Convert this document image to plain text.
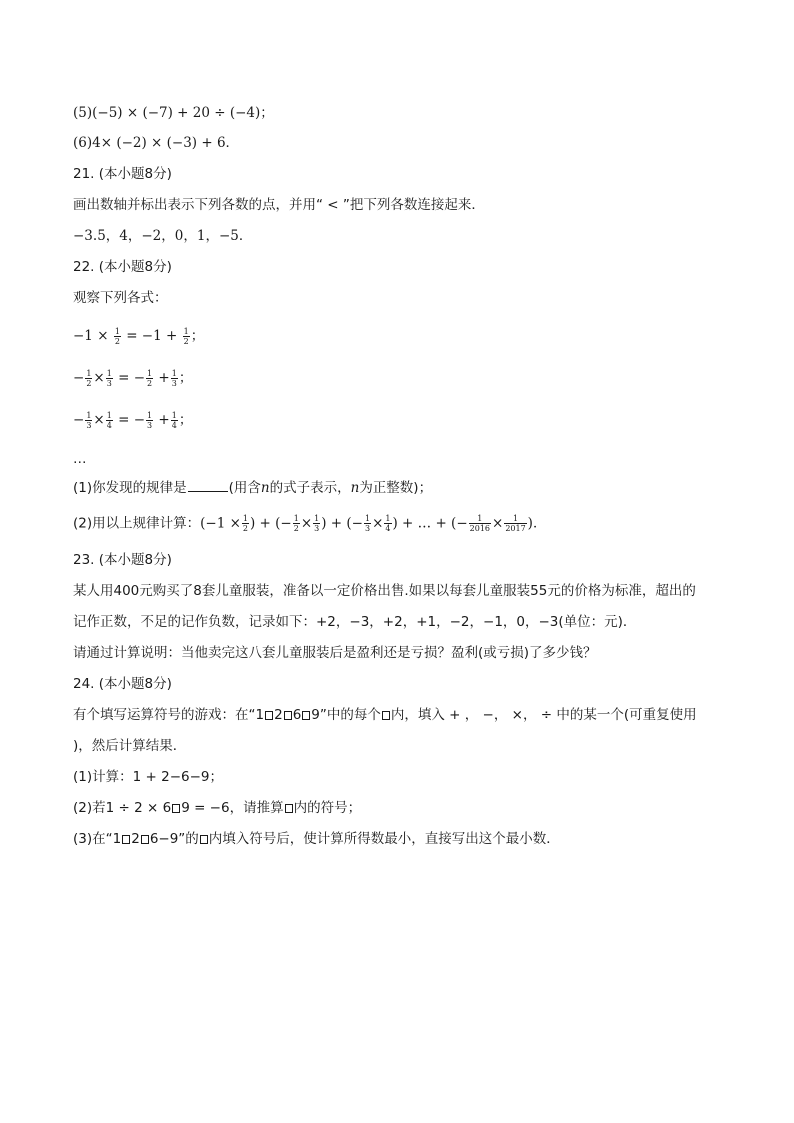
(5)(−5) × (−7) + 20 ÷ (−4)；
(6)4× (−2) × (−3) + 6．
21. (本小题8分)
画出数轴并标出表示下列各数的点，并用“ < ”把下列各数连接起来．
−3.5，4，−2，0，1，−5．
22. (本小题8分)
观察下列各式：
$-1 \times \frac{1}{2} = -1 + \frac{1}{2}$ ；
− $\frac{1}{2} \times \frac{1}{3}$ = − $\frac{1}{2} + \frac{1}{3}$ ；
− $\frac{1}{3} \times \frac{1}{4}$ = − $\frac{1}{3} + \frac{1}{4}$ ；
…
(1)你发现的规律是	(用含n的式子表示，n为正整数)；
(2)用以上规律计算：($-1 \times \frac{1}{2}$ ) + (− $\frac{1}{2} \times \frac{1}{3}$ ) + (− $\frac{1}{3} \times \frac{1}{4}$ ) + … + (− $\frac{1}{2016} \times \frac{1}{2017}$ )．
23. (本小题8分)
某人用400元购买了8套儿童服装，准备以一定价格出售.如果以每套儿童服装55元的价格为标准，超出的
记作正数，不足的记作负数，记录如下：+2，−3，+2，+1，−2，−1，0，−3(单位：元)．
请通过计算说明：当他卖完这八套儿童服装后是盈利还是亏损？盈利(或亏损)了多少钱？
24. (本小题8分)
有个填写运算符号的游戏：在“1 2 6 9”中的每个 内，填入 + ， −， ×， ÷ 中的某一个(可重复使用
)，然后计算结果．
(1)计算：1 + 2−6−9；
(2)若1 ÷ 2 × 6 9 = −6，请推算 内的符号；
(3)在“1 2 6−9”的 内填入符号后，使计算所得数最小，直接写出这个最小数．
